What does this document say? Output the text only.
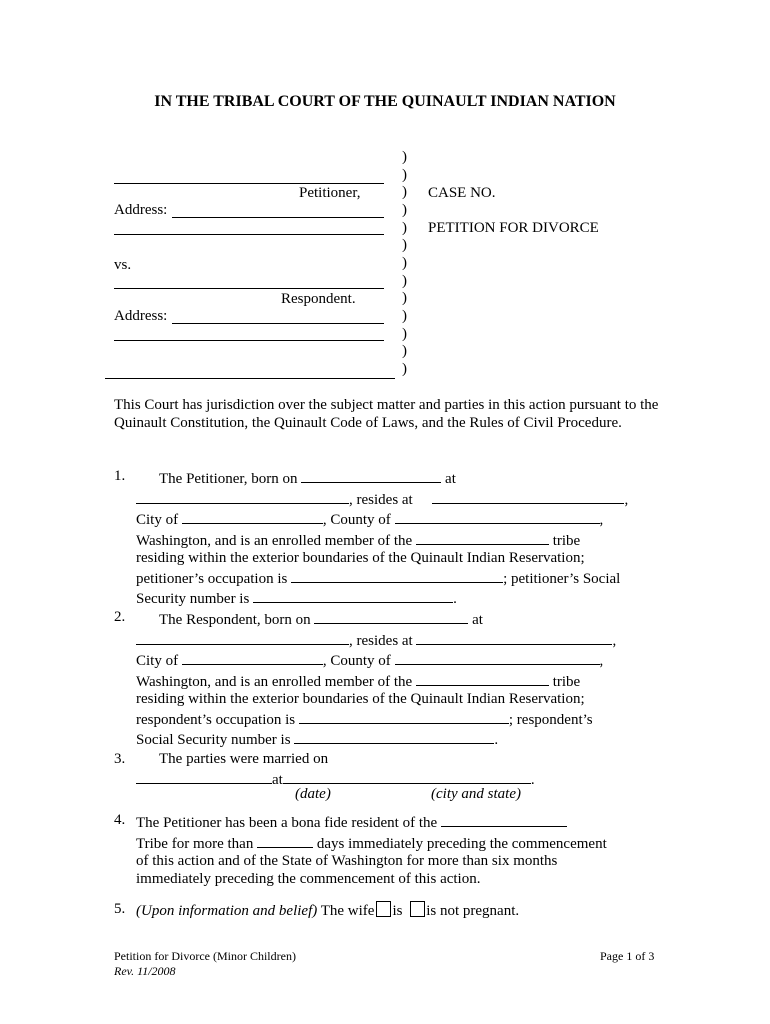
IN THE TRIBAL COURT OF THE QUINAULT INDIAN NATION
Petitioner,
Address:
vs.
Respondent.
Address:
)
)
)
)
)
)
)
)
)
)
)
)
)
CASE NO.
PETITION FOR DIVORCE
This Court has jurisdiction over the subject matter and parties in this action pursuant to the Quinault Constitution, the Quinault Code of Laws, and the Rules of Civil Procedure.
1.	The Petitioner, born on	at
, resides at	,
City of	, County of	,
Washington, and is an enrolled member of the	tribe
residing within the exterior boundaries of the Quinault Indian Reservation;
petitioner’s occupation is	; petitioner’s Social
Security number is	.
2.	The Respondent, born on	at
, resides at	,
City of	, County of	,
Washington, and is an enrolled member of the	tribe
residing within the exterior boundaries of the Quinault Indian Reservation;
respondent’s occupation is	; respondent’s
Social Security number is	.
3.	The parties were married on
at	.
(date)	(city and state)
4. The Petitioner has been a bona fide resident of the
Tribe for more than	days immediately preceding the commencement
of this action and of the State of Washington for more than six months
immediately preceding the commencement of this action.
5. (Upon information and belief) The wife is is not pregnant.
Petition for Divorce (Minor Children)
Rev. 11/2008
Page 1 of 3
